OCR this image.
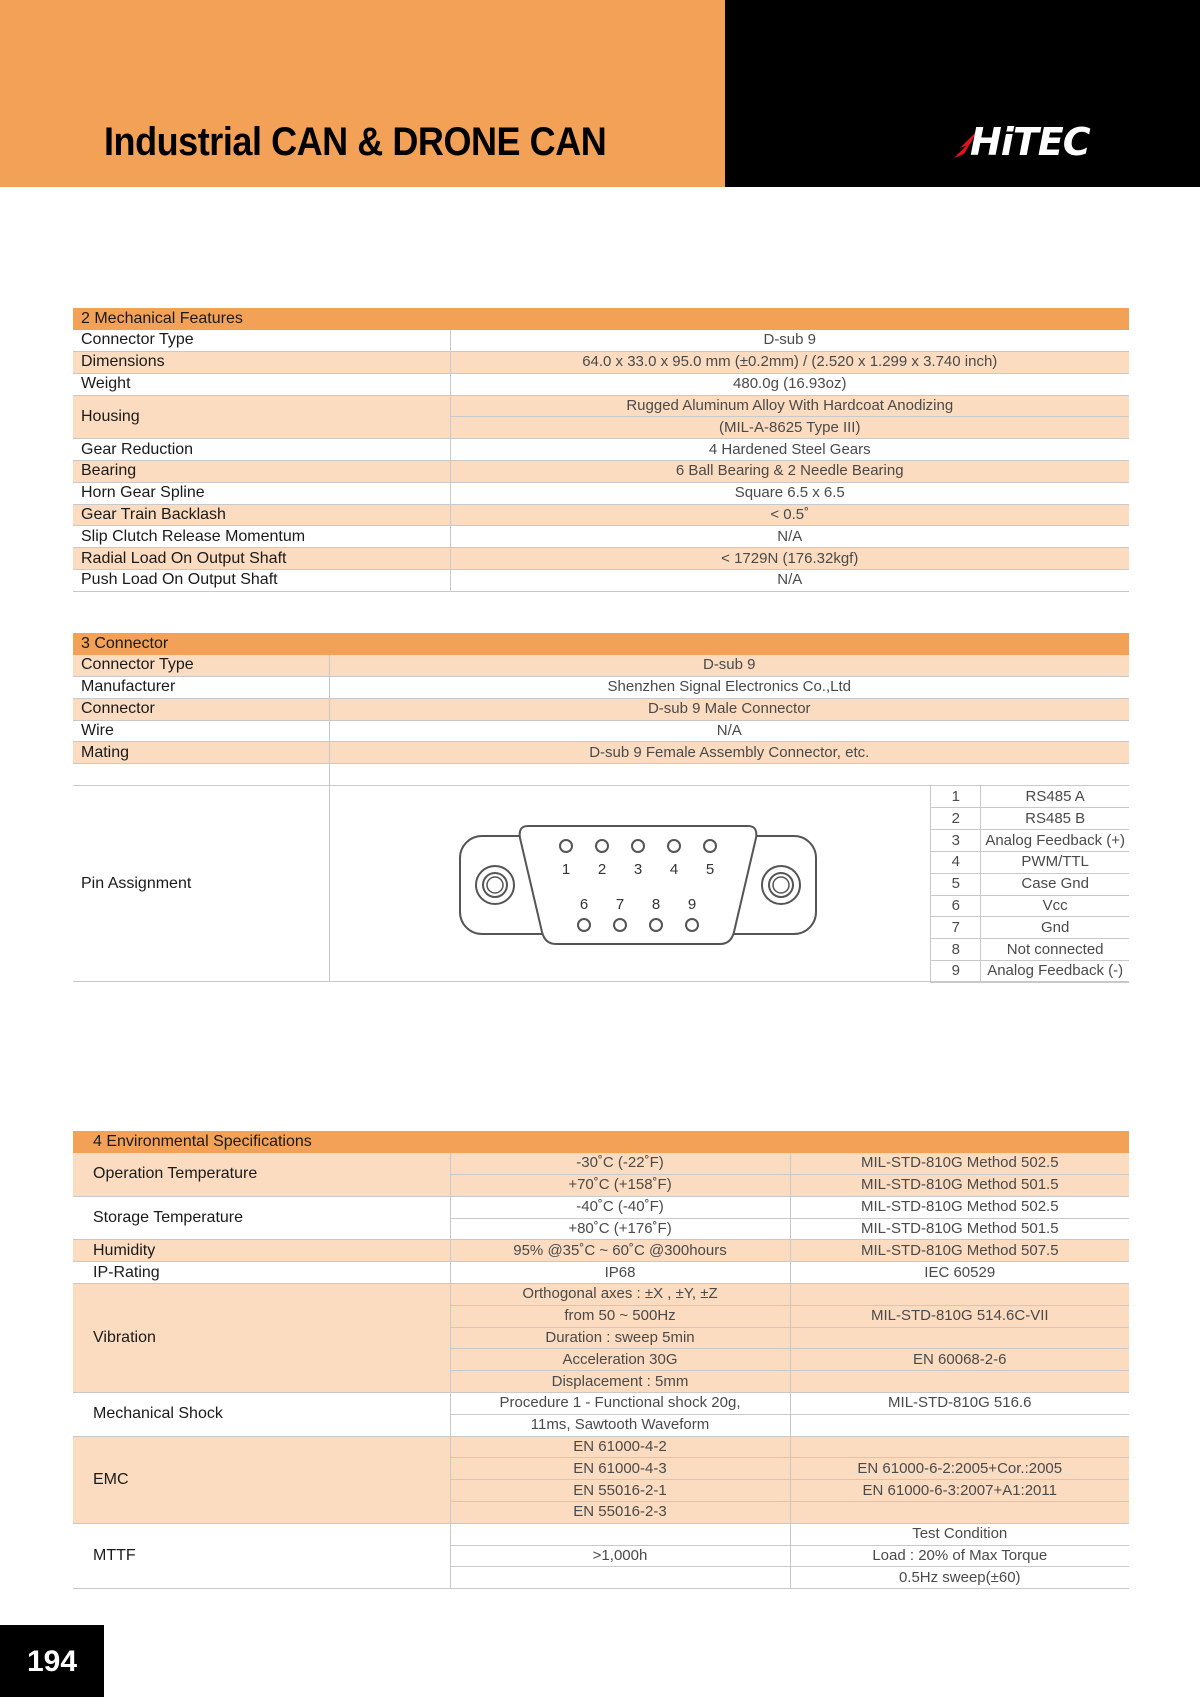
Industrial CAN & DRONE CAN	HiTEC
2 Mechanical Features	
Connector Type	D-sub 9
Dimensions	64.0 x 33.0 x 95.0 mm (±0.2mm) / (2.520 x 1.299 x 3.740 inch)
Weight	480.0g (16.93oz)
Housing	Rugged Aluminum Alloy With Hardcoat Anodizing
	(MIL-A-8625 Type III)
Gear Reduction	4 Hardened Steel Gears
Bearing	6 Ball Bearing & 2 Needle Bearing
Horn Gear Spline	Square 6.5 x 6.5
Gear Train Backlash	< 0.5˚
Slip Clutch Release Momentum	N/A
Radial Load On Output Shaft	< 1729N (176.32kgf)
Push Load On Output Shaft	N/A
3 Connector
Connector Type	D-sub 9
Manufacturer	Shenzhen Signal Electronics Co.,Ltd
Connector	D-sub 9 Male Connector
Wire	N/A
Mating	D-sub 9 Female Assembly Connector, etc.

Pin Assignment	
1 2 3 4 5
6 7 8 9
1	RS485 A
2	RS485 B
3	Analog Feedback (+)
4	PWM/TTL
5	Case Gnd
6	Vcc
7	Gnd
8	Not connected
9	Analog Feedback (-)
4 Environmental Specifications		
Operation Temperature	-30˚C (-22˚F)	MIL-STD-810G Method 502.5
	+70˚C (+158˚F)	MIL-STD-810G Method 501.5
Storage Temperature	-40˚C (-40˚F)	MIL-STD-810G Method 502.5
	+80˚C (+176˚F)	MIL-STD-810G Method 501.5
Humidity	95% @35˚C ~ 60˚C @300hours	MIL-STD-810G Method 507.5
IP-Rating	IP68	IEC 60529
Vibration	Orthogonal axes : ±X , ±Y, ±Z	
	from 50 ~ 500Hz	MIL-STD-810G 514.6C-VII
	Duration : sweep 5min	
	Acceleration 30G	EN 60068-2-6
	Displacement : 5mm	
Mechanical Shock	Procedure 1 - Functional shock 20g,	MIL-STD-810G 516.6
	11ms, Sawtooth Waveform	
EMC	EN 61000-4-2	
	EN 61000-4-3	EN 61000-6-2:2005+Cor.:2005
	EN 55016-2-1	EN 61000-6-3:2007+A1:2011
	EN 55016-2-3	
MTTF		Test Condition
	>1,000h	Load : 20% of Max Torque
		0.5Hz sweep(±60)
194
